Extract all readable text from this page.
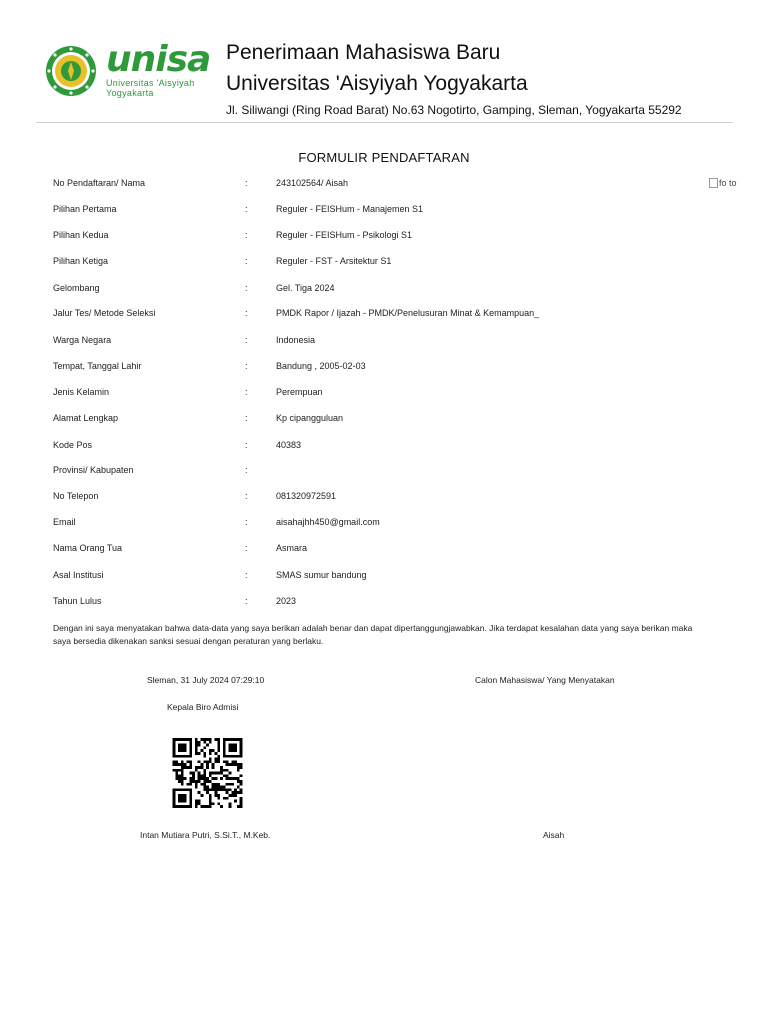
unisa
Universitas 'Aisyiyah
Yogyakarta
Penerimaan Mahasiswa Baru
Universitas 'Aisyiyah Yogyakarta
Jl. Siliwangi (Ring Road Barat) No.63 Nogotirto, Gamping, Sleman, Yogyakarta 55292
FORMULIR PENDAFTARAN
fo to
No Pendaftaran/ Nama	:	243102564/ Aisah
Pilihan Pertama	:	Reguler - FEISHum - Manajemen S1
Pilihan Kedua	:	Reguler - FEISHum - Psikologi S1
Pilihan Ketiga	:	Reguler - FST - Arsitektur S1
Gelombang	:	Gel. Tiga 2024
Jalur Tes/ Metode Seleksi	:	PMDK Rapor / Ijazah - PMDK/Penelusuran Minat & Kemampuan_
Warga Negara	:	Indonesia
Tempat, Tanggal Lahir	:	Bandung , 2005-02-03
Jenis Kelamin	:	Perempuan
Alamat Lengkap	:	Kp cipangguluan
Kode Pos	:	40383
Provinsi/ Kabupaten	:
No Telepon	:	081320972591
Email	:	aisahajhh450@gmail.com
Nama Orang Tua	:	Asmara
Asal Institusi	:	SMAS sumur bandung
Tahun Lulus	:	2023
Dengan ini saya menyatakan bahwa data-data yang saya berikan adalah benar dan dapat dipertanggungjawabkan. Jika terdapat kesalahan data yang saya berikan maka saya bersedia dikenakan sanksi sesuai dengan peraturan yang berlaku.
Sleman, 31 July 2024 07:29:10	Calon Mahasiswa/ Yang Menyatakan
Kepala Biro Admisi
Intan Mutiara Putri, S.Si.T., M.Keb.	Aisah
